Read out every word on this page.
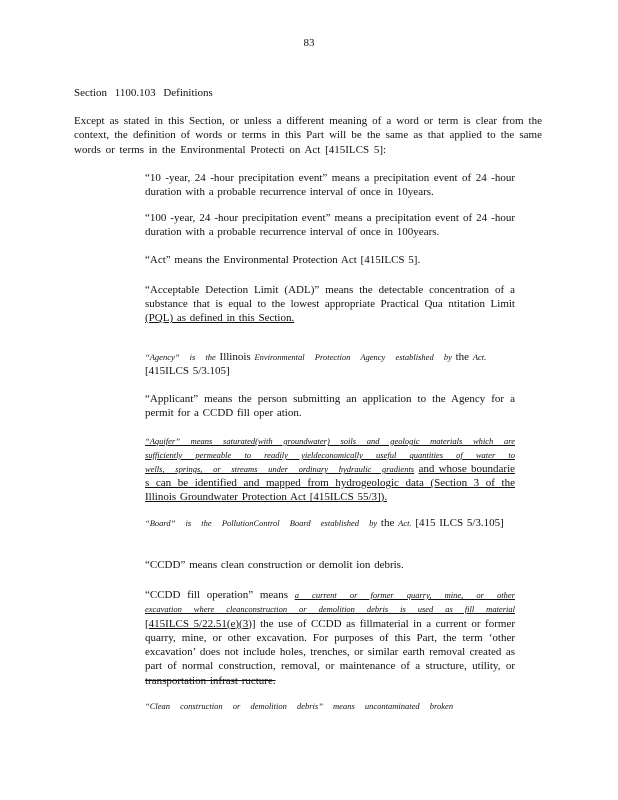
83
Section 1100.103 Definitions
Except as stated in this Section, or unless a different meaning of a word or term is clear from the context, the definition of words or terms in this Part will be the same as that applied to the same words or terms in the Environmental Protecti on Act [415ILCS 5]:
“10 -year, 24 -hour precipitation event” means a precipitation event of 24 -hour duration with a probable recurrence interval of once in 10years.
“100 -year, 24 -hour precipitation event” means a precipitation event of 24 -hour duration with a probable recurrence interval of once in 100years.
“Act” means the Environmental Protection Act [415ILCS 5].
“Acceptable Detection Limit (ADL)” means the detectable concentration of a substance that is equal to the lowest appropriate Practical Qua ntitation Limit (PQL) as defined in this Section.
“Agency” is the Illinois Environmental Protection Agency established by the Act.
[415ILCS 5/3.105]
“Applicant” means the person submitting an application to the Agency for a permit for a CCDD fill oper ation.
“Aquifer” means saturated(with groundwater) soils and geologic materials which are sufficiently permeable to readily yieldeconomically useful quantities of water to wells, springs, or streams under ordinary hydraulic gradients and whose boundarie s can be identified and mapped from hydrogeologic data (Section 3 of the Illinois Groundwater Protection Act [415ILCS 55/3]).
“Board” is the PollutionControl Board established by the Act. [415 ILCS 5/3.105]
“CCDD” means clean construction or demolit ion debris.
“CCDD fill operation” means a current or former quarry, mine, or other excavation where cleanconstruction or demolition debris is used as fill material [415ILCS 5/22.51(e)(3)] the use of CCDD as fillmaterial in a current or former quarry, mine, or other excavation. For purposes of this Part, the term ‘other excavation’ does not include holes, trenches, or similar earth removal created as part of normal construction, removal, or maintenance of a structure, utility, or transportation infrast ructure.
“Clean construction or demolition debris” means uncontaminated broken
